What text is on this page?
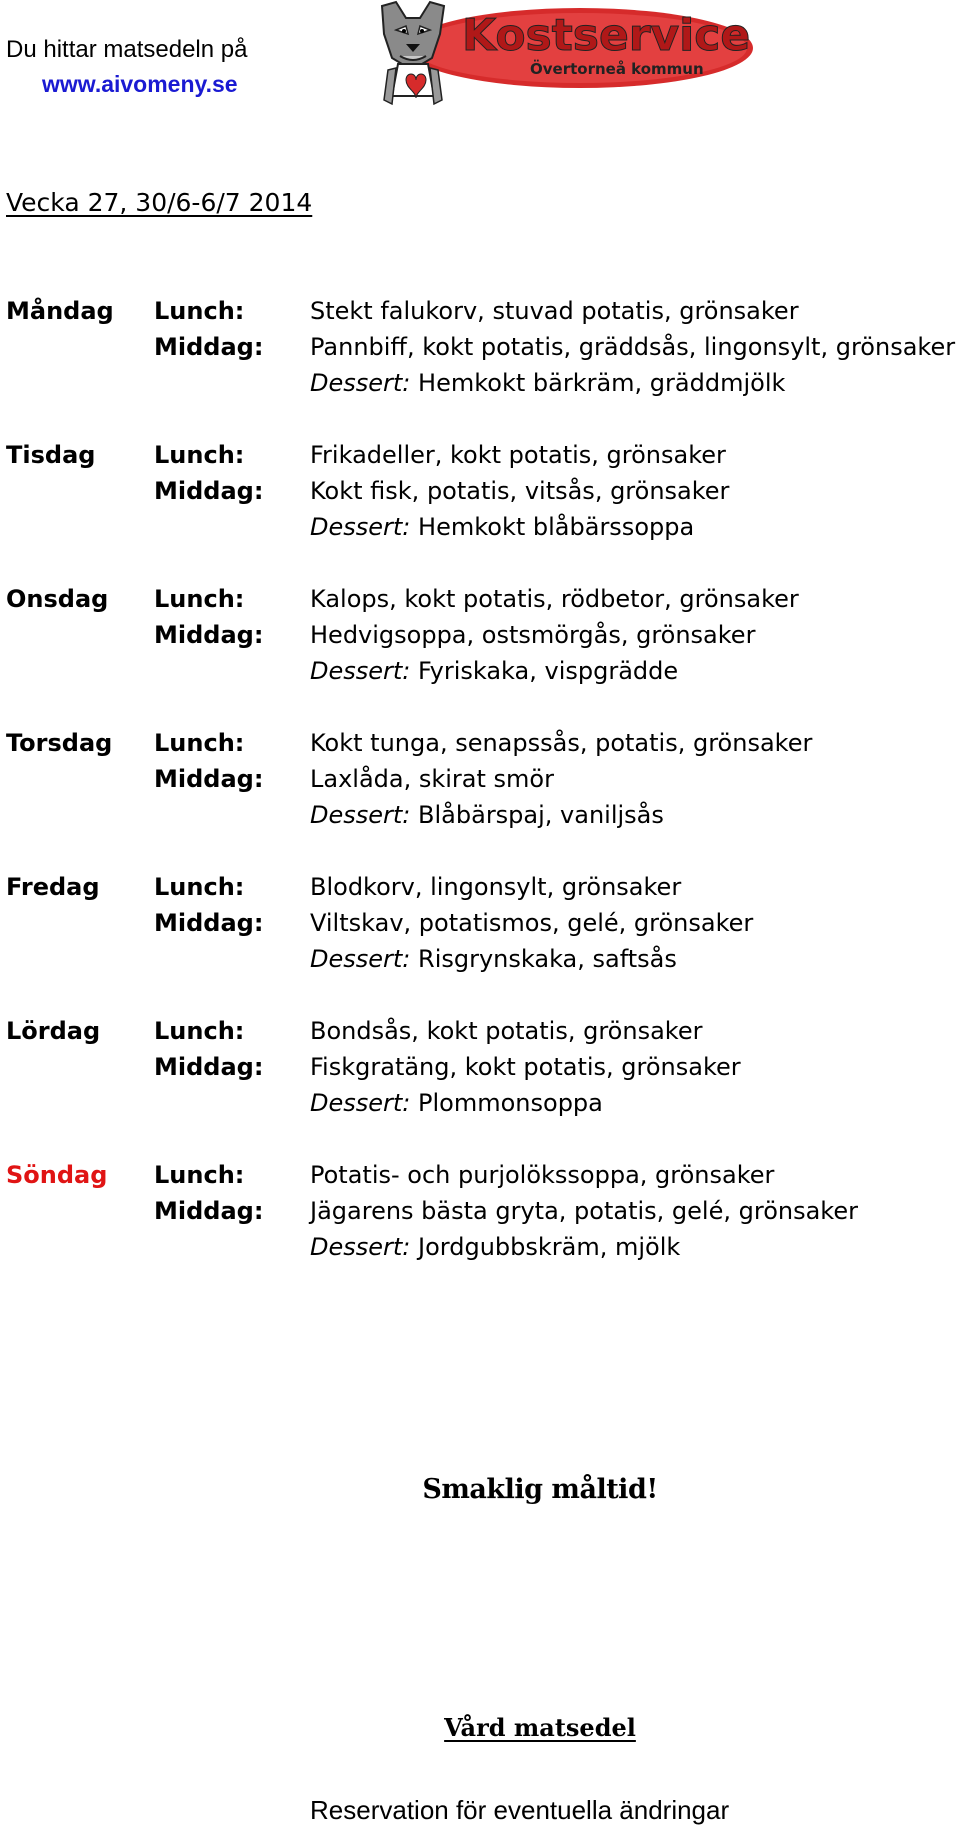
Du hittar matsedeln på
www.aivomeny.se
Kostservice
Övertorneå kommun
Vecka 27, 30/6-6/7 2014
Måndag Lunch:
Middag:
Stekt falukorv, stuvad potatis, grönsaker
Pannbiff, kokt potatis, gräddsås, lingonsylt, grönsaker
Dessert: Hemkokt bärkräm, gräddmjölk
Tisdag Lunch:
Middag:
Frikadeller, kokt potatis, grönsaker
Kokt fisk, potatis, vitsås, grönsaker
Dessert: Hemkokt blåbärssoppa
Onsdag Lunch:
Middag:
Kalops, kokt potatis, rödbetor, grönsaker
Hedvigsoppa, ostsmörgås, grönsaker
Dessert: Fyriskaka, vispgrädde
Torsdag Lunch:
Middag:
Kokt tunga, senapssås, potatis, grönsaker
Laxlåda, skirat smör
Dessert: Blåbärspaj, vaniljsås
Fredag Lunch:
Middag:
Blodkorv, lingonsylt, grönsaker
Viltskav, potatismos, gelé, grönsaker
Dessert: Risgrynskaka, saftsås
Lördag Lunch:
Middag:
Bondsås, kokt potatis, grönsaker
Fiskgratäng, kokt potatis, grönsaker
Dessert: Plommonsoppa
Söndag Lunch:
Middag:
Potatis- och purjolökssoppa, grönsaker
Jägarens bästa gryta, potatis, gelé, grönsaker
Dessert: Jordgubbskräm, mjölk
Smaklig måltid!
Vård matsedel
Reservation för eventuella ändringar
